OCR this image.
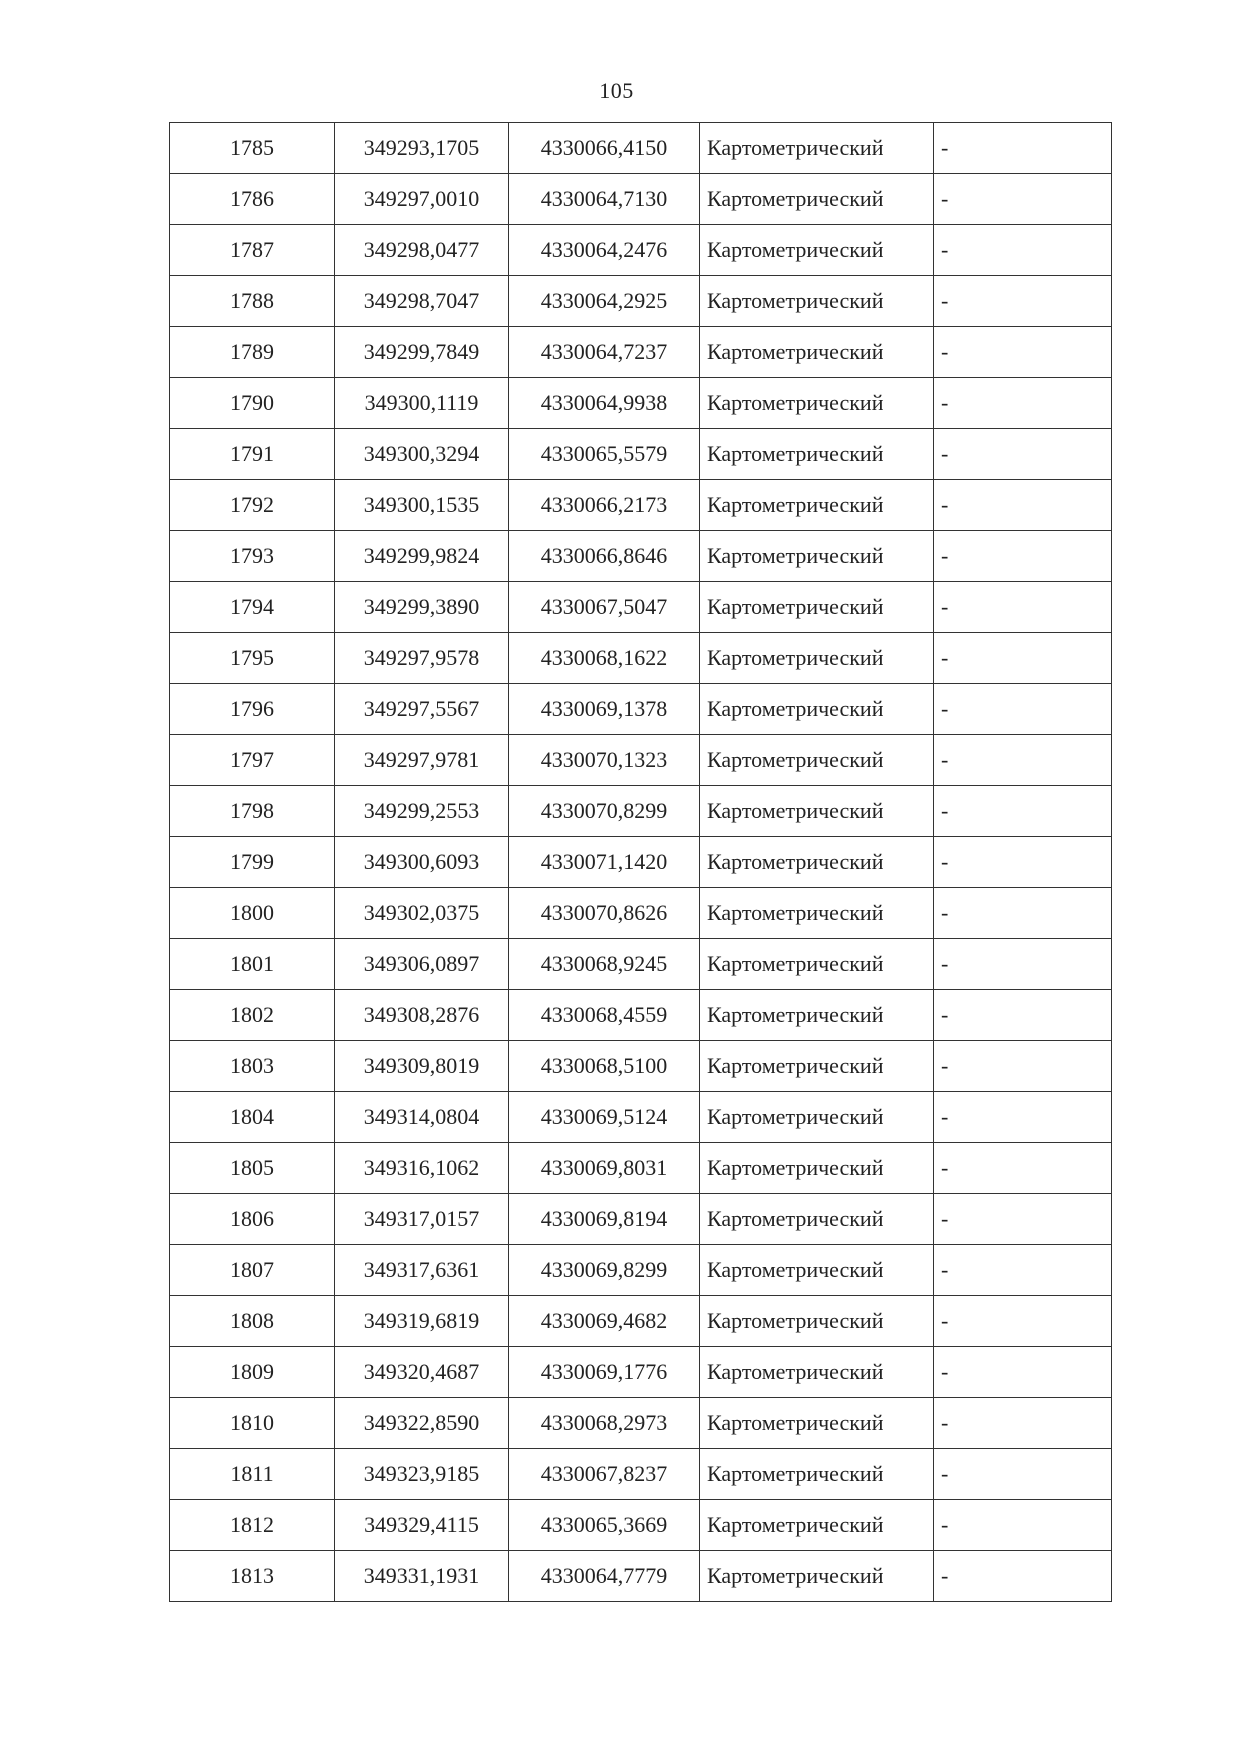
105
1785	349293,1705	4330066,4150	Картометрический	-
1786	349297,0010	4330064,7130	Картометрический	-
1787	349298,0477	4330064,2476	Картометрический	-
1788	349298,7047	4330064,2925	Картометрический	-
1789	349299,7849	4330064,7237	Картометрический	-
1790	349300,1119	4330064,9938	Картометрический	-
1791	349300,3294	4330065,5579	Картометрический	-
1792	349300,1535	4330066,2173	Картометрический	-
1793	349299,9824	4330066,8646	Картометрический	-
1794	349299,3890	4330067,5047	Картометрический	-
1795	349297,9578	4330068,1622	Картометрический	-
1796	349297,5567	4330069,1378	Картометрический	-
1797	349297,9781	4330070,1323	Картометрический	-
1798	349299,2553	4330070,8299	Картометрический	-
1799	349300,6093	4330071,1420	Картометрический	-
1800	349302,0375	4330070,8626	Картометрический	-
1801	349306,0897	4330068,9245	Картометрический	-
1802	349308,2876	4330068,4559	Картометрический	-
1803	349309,8019	4330068,5100	Картометрический	-
1804	349314,0804	4330069,5124	Картометрический	-
1805	349316,1062	4330069,8031	Картометрический	-
1806	349317,0157	4330069,8194	Картометрический	-
1807	349317,6361	4330069,8299	Картометрический	-
1808	349319,6819	4330069,4682	Картометрический	-
1809	349320,4687	4330069,1776	Картометрический	-
1810	349322,8590	4330068,2973	Картометрический	-
1811	349323,9185	4330067,8237	Картометрический	-
1812	349329,4115	4330065,3669	Картометрический	-
1813	349331,1931	4330064,7779	Картометрический	-
